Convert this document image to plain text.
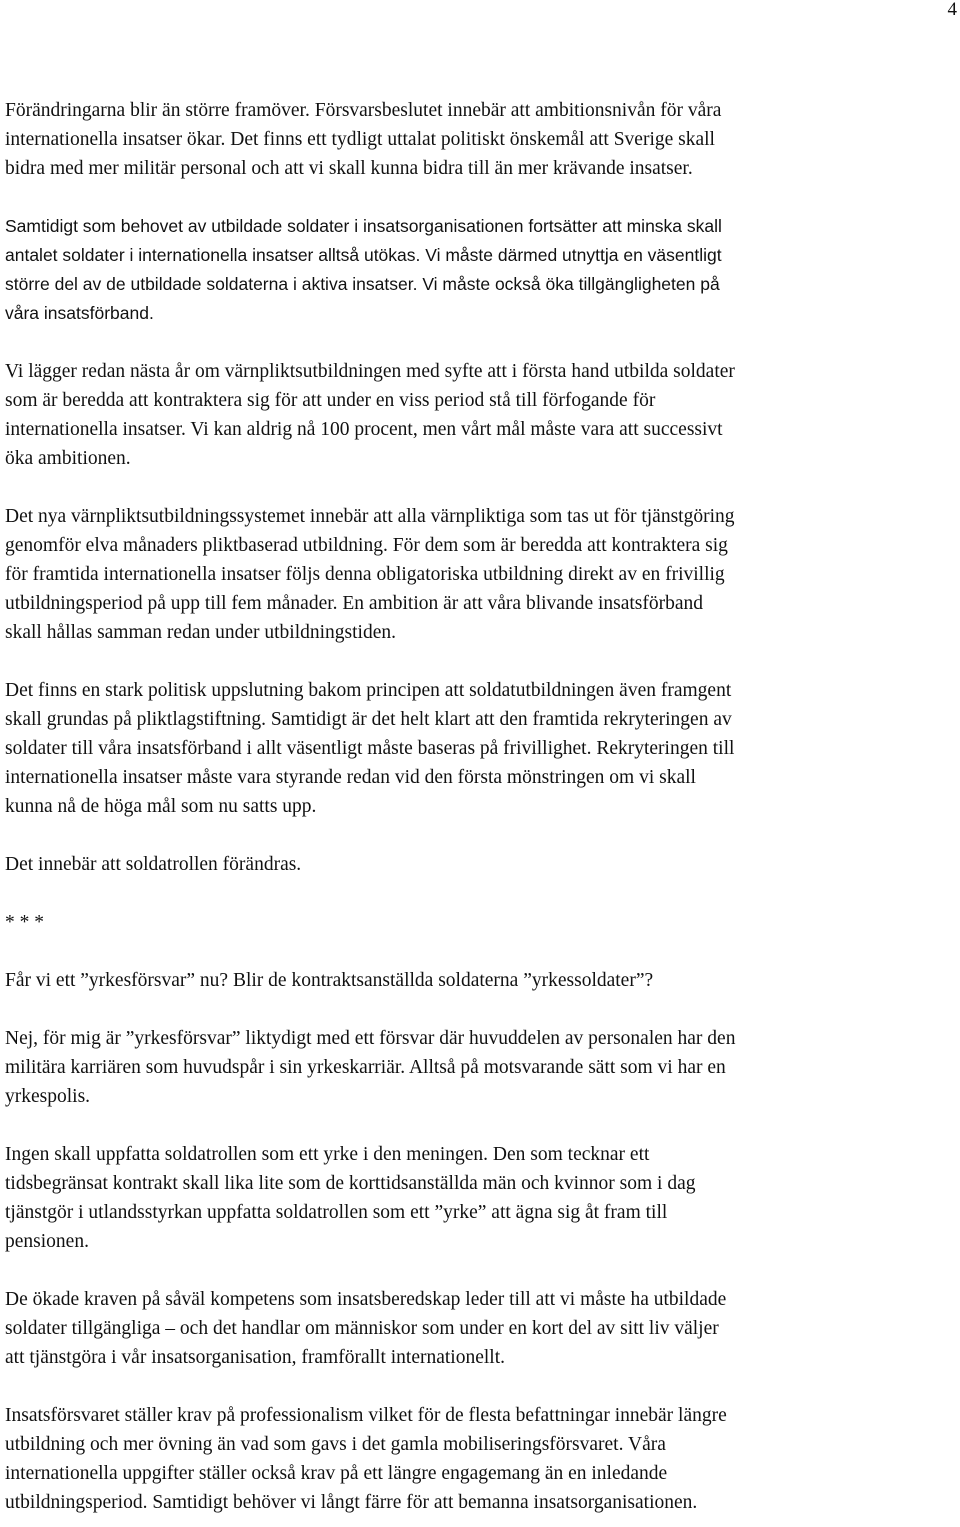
4

Förändringarna blir än större framöver. Försvarsbeslutet innebär att ambitionsnivån för våra
internationella insatser ökar. Det finns ett tydligt uttalat politiskt önskemål att Sverige skall
bidra med mer militär personal och att vi skall kunna bidra till än mer krävande insatser.

Samtidigt som behovet av utbildade soldater i insatsorganisationen fortsätter att minska skall
antalet soldater i internationella insatser alltså utökas. Vi måste därmed utnyttja en väsentligt
större del av de utbildade soldaterna i aktiva insatser. Vi måste också öka tillgängligheten på
våra insatsförband.

Vi lägger redan nästa år om värnpliktsutbildningen med syfte att i första hand utbilda soldater
som är beredda att kontraktera sig för att under en viss period stå till förfogande för
internationella insatser. Vi kan aldrig nå 100 procent, men vårt mål måste vara att successivt
öka ambitionen.

Det nya värnpliktsutbildningssystemet innebär att alla värnpliktiga som tas ut för tjänstgöring
genomför elva månaders pliktbaserad utbildning. För dem som är beredda att kontraktera sig
för framtida internationella insatser följs denna obligatoriska utbildning direkt av en frivillig
utbildningsperiod på upp till fem månader. En ambition är att våra blivande insatsförband
skall hållas samman redan under utbildningstiden.

Det finns en stark politisk uppslutning bakom principen att soldatutbildningen även framgent
skall grundas på pliktlagstiftning. Samtidigt är det helt klart att den framtida rekryteringen av
soldater till våra insatsförband i allt väsentligt måste baseras på frivillighet. Rekryteringen till
internationella insatser måste vara styrande redan vid den första mönstringen om vi skall
kunna nå de höga mål som nu satts upp.

Det innebär att soldatrollen förändras.

* * *

Får vi ett ”yrkesförsvar” nu? Blir de kontraktsanställda soldaterna ”yrkessoldater”?

Nej, för mig är ”yrkesförsvar” liktydigt med ett försvar där huvuddelen av personalen har den
militära karriären som huvudspår i sin yrkeskarriär. Alltså på motsvarande sätt som vi har en
yrkespolis.

Ingen skall uppfatta soldatrollen som ett yrke i den meningen. Den som tecknar ett
tidsbegränsat kontrakt skall lika lite som de korttidsanställda män och kvinnor som i dag
tjänstgör i utlandsstyrkan uppfatta soldatrollen som ett ”yrke” att ägna sig åt fram till
pensionen.

De ökade kraven på såväl kompetens som insatsberedskap leder till att vi måste ha utbildade
soldater tillgängliga – och det handlar om människor som under en kort del av sitt liv väljer
att tjänstgöra i vår insatsorganisation, framförallt internationellt.

Insatsförsvaret ställer krav på professionalism vilket för de flesta befattningar innebär längre
utbildning och mer övning än vad som gavs i det gamla mobiliseringsförsvaret. Våra
internationella uppgifter ställer också krav på ett längre engagemang än en inledande
utbildningsperiod. Samtidigt behöver vi långt färre för att bemanna insatsorganisationen.
